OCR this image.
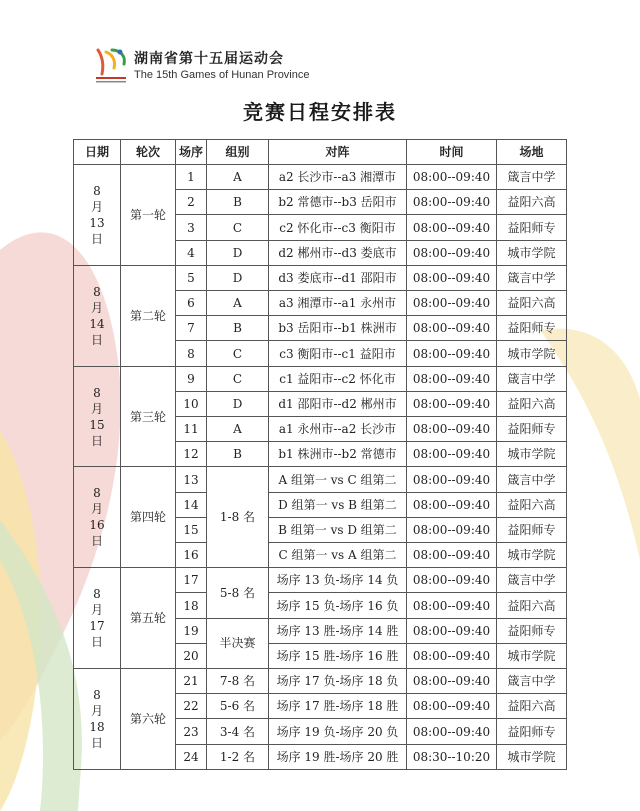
湖南省第十五届运动会
The 15th Games of Hunan Province
竞赛日程安排表
日期	轮次	场序	组别	对阵	时间	场地

8
月
13
日	第一轮	1	A	a2 长沙市--a3 湘潭市	08:00--09:40	箴言中学
		2	B	b2 常德市--b3 岳阳市	08:00--09:40	益阳六高
		3	C	c2 怀化市--c3 衡阳市	08:00--09:40	益阳师专
		4	D	d2 郴州市--d3 娄底市	08:00--09:40	城市学院

8
月
14
日	第二轮	5	D	d3 娄底市--d1 邵阳市	08:00--09:40	箴言中学
		6	A	a3 湘潭市--a1 永州市	08:00--09:40	益阳六高
		7	B	b3 岳阳市--b1 株洲市	08:00--09:40	益阳师专
		8	C	c3 衡阳市--c1 益阳市	08:00--09:40	城市学院

8
月
15
日	第三轮	9	C	c1 益阳市--c2 怀化市	08:00--09:40	箴言中学
		10	D	d1 邵阳市--d2 郴州市	08:00--09:40	益阳六高
		11	A	a1 永州市--a2 长沙市	08:00--09:40	益阳师专
		12	B	b1 株洲市--b2 常德市	08:00--09:40	城市学院

8
月
16
日	第四轮	13	1-8 名	A 组第一 vs C 组第二	08:00--09:40	箴言中学
		14		D 组第一 vs B 组第二	08:00--09:40	益阳六高
		15		B 组第一 vs D 组第二	08:00--09:40	益阳师专
		16		C 组第一 vs A 组第二	08:00--09:40	城市学院

8
月
17
日	第五轮	17	5-8 名	场序 13 负-场序 14 负	08:00--09:40	箴言中学
		18		场序 15 负-场序 16 负	08:00--09:40	益阳六高
		19	半决赛	场序 13 胜-场序 14 胜	08:00--09:40	益阳师专
		20		场序 15 胜-场序 16 胜	08:00--09:40	城市学院

8
月
18
日	第六轮	21	7-8 名	场序 17 负-场序 18 负	08:00--09:40	箴言中学
		22	5-6 名	场序 17 胜-场序 18 胜	08:00--09:40	益阳六高
		23	3-4 名	场序 19 负-场序 20 负	08:00--09:40	益阳师专
		24	1-2 名	场序 19 胜-场序 20 胜	08:30--10:20	城市学院
